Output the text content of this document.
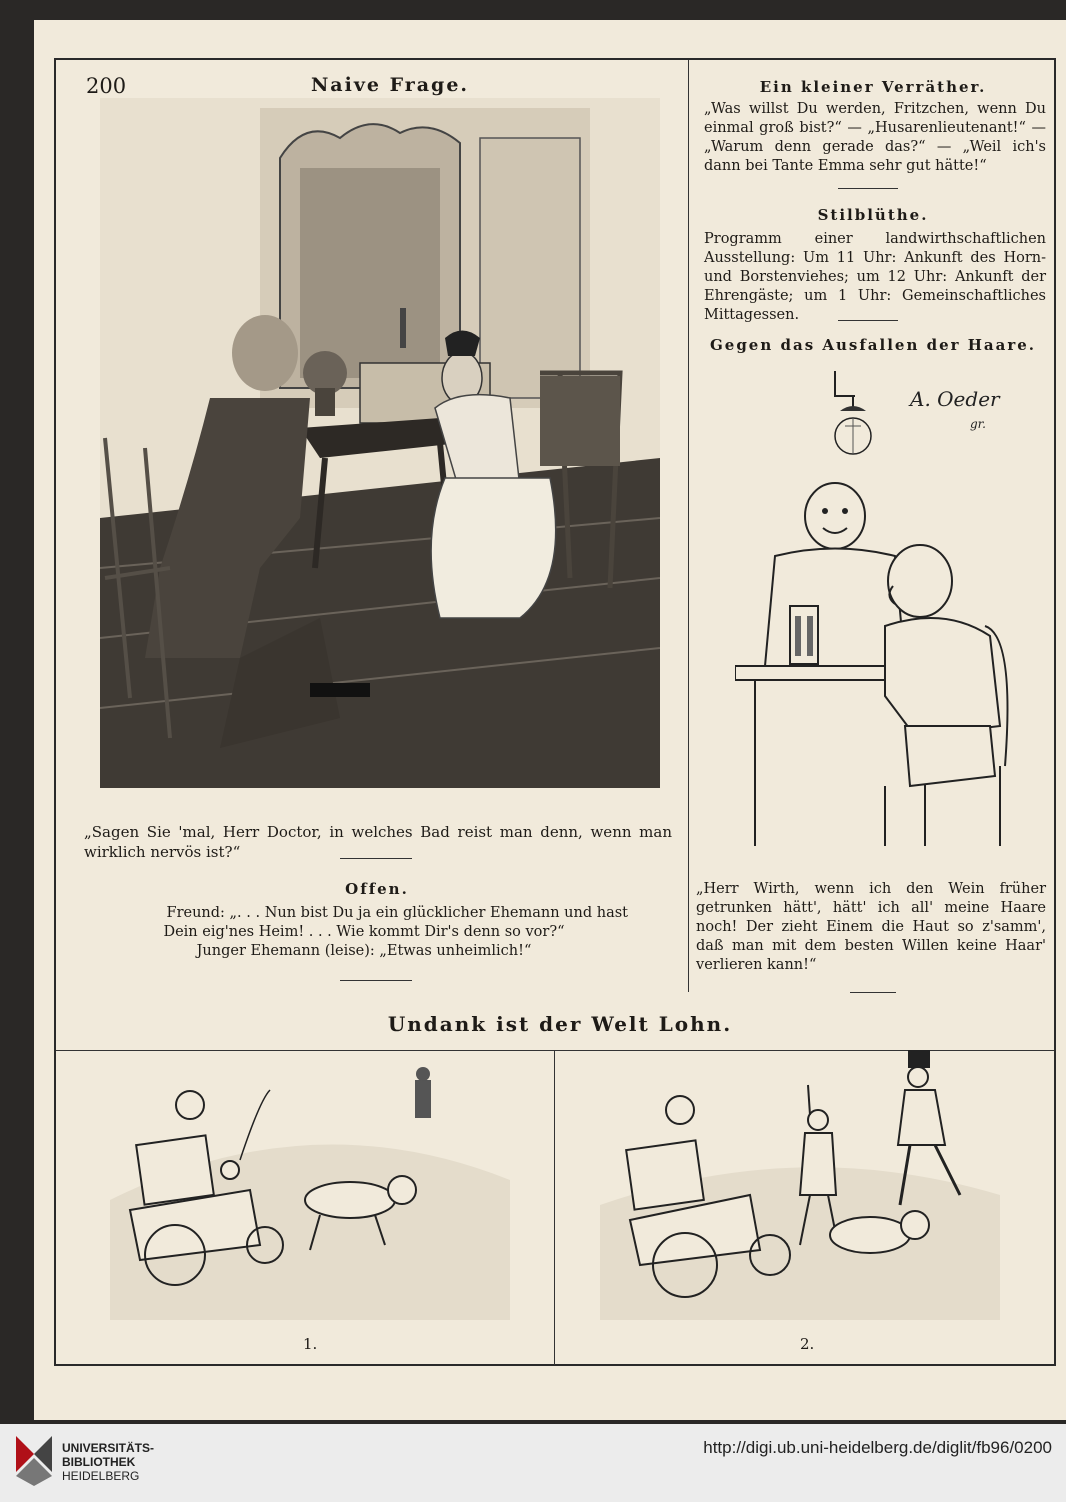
200	Naive Frage.
„Sagen Sie 'mal, Herr Doctor, in welches Bad reist man denn, wenn man wirklich nervös ist?“
Offen.
Freund: „. . . Nun bist Du ja ein glücklicher Ehemann und hast
Dein eig'nes Heim! . . . Wie kommt Dir's denn so vor?“
Junger Ehemann (leise): „Etwas unheimlich!“
Ein kleiner Verräther.
„Was willst Du werden, Fritzchen, wenn Du einmal groß bist?“ — „Husarenlieutenant!“ — „Warum denn gerade das?“ — „Weil ich's dann bei Tante Emma sehr gut hätte!“
Stilblüthe.
Programm einer landwirthschaftlichen Ausstellung: Um 11 Uhr: Ankunft des Horn- und Borstenviehes; um 12 Uhr: Ankunft der Ehrengäste; um 1 Uhr: Gemeinschaftliches Mittagessen.
Gegen das Ausfallen der Haare.
A. Oeder
gr.
„Herr Wirth, wenn ich den Wein früher getrunken hätt', hätt' ich all' meine Haare noch! Der zieht Einem die Haut so z'samm', daß man mit dem besten Willen keine Haar' verlieren kann!“
Undank ist der Welt Lohn.
1.	2.
UNIVERSITÄTS-
BIBLIOTHEK
HEIDELBERG
http://digi.ub.uni-heidelberg.de/diglit/fb96/0200
